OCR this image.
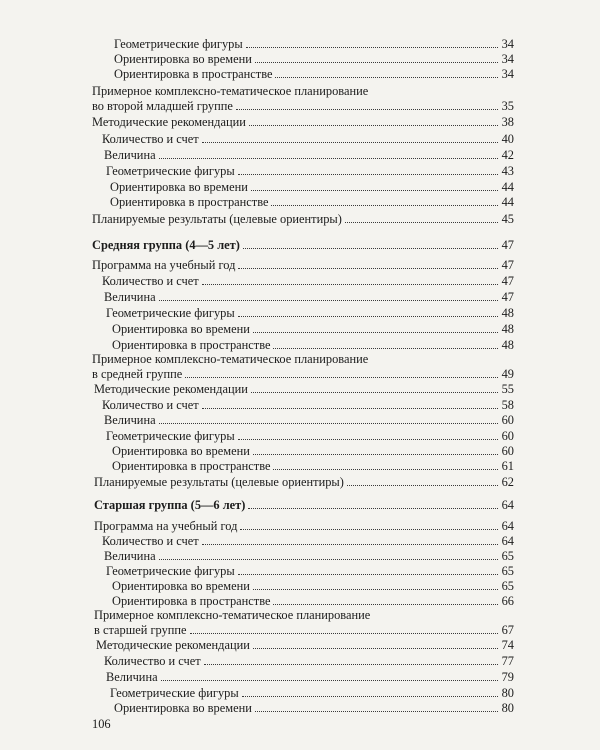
Геометрические фигуры	34
Ориентировка во времени	34
Ориентировка в пространстве	34
Примерное комплексно-тематическое планирование
во второй младшей группе	35
Методические рекомендации	38
Количество и счет	40
Величина	42
Геометрические фигуры	43
Ориентировка во времени	44
Ориентировка в пространстве	44
Планируемые результаты (целевые ориентиры)	45
Средняя группа (4—5 лет)	47
Программа на учебный год	47
Количество и счет	47
Величина	47
Геометрические фигуры	48
Ориентировка во времени	48
Ориентировка в пространстве	48
Примерное комплексно-тематическое планирование
в средней группе	49
Методические рекомендации	55
Количество и счет	58
Величина	60
Геометрические фигуры	60
Ориентировка во времени	60
Ориентировка в пространстве	61
Планируемые результаты (целевые ориентиры)	62
Старшая группа (5—6 лет)	64
Программа на учебный год	64
Количество и счет	64
Величина	65
Геометрические фигуры	65
Ориентировка во времени	65
Ориентировка в пространстве	66
Примерное комплексно-тематическое планирование
в старшей группе	67
Методические рекомендации	74
Количество и счет	77
Величина	79
Геометрические фигуры	80
Ориентировка во времени	80
106
